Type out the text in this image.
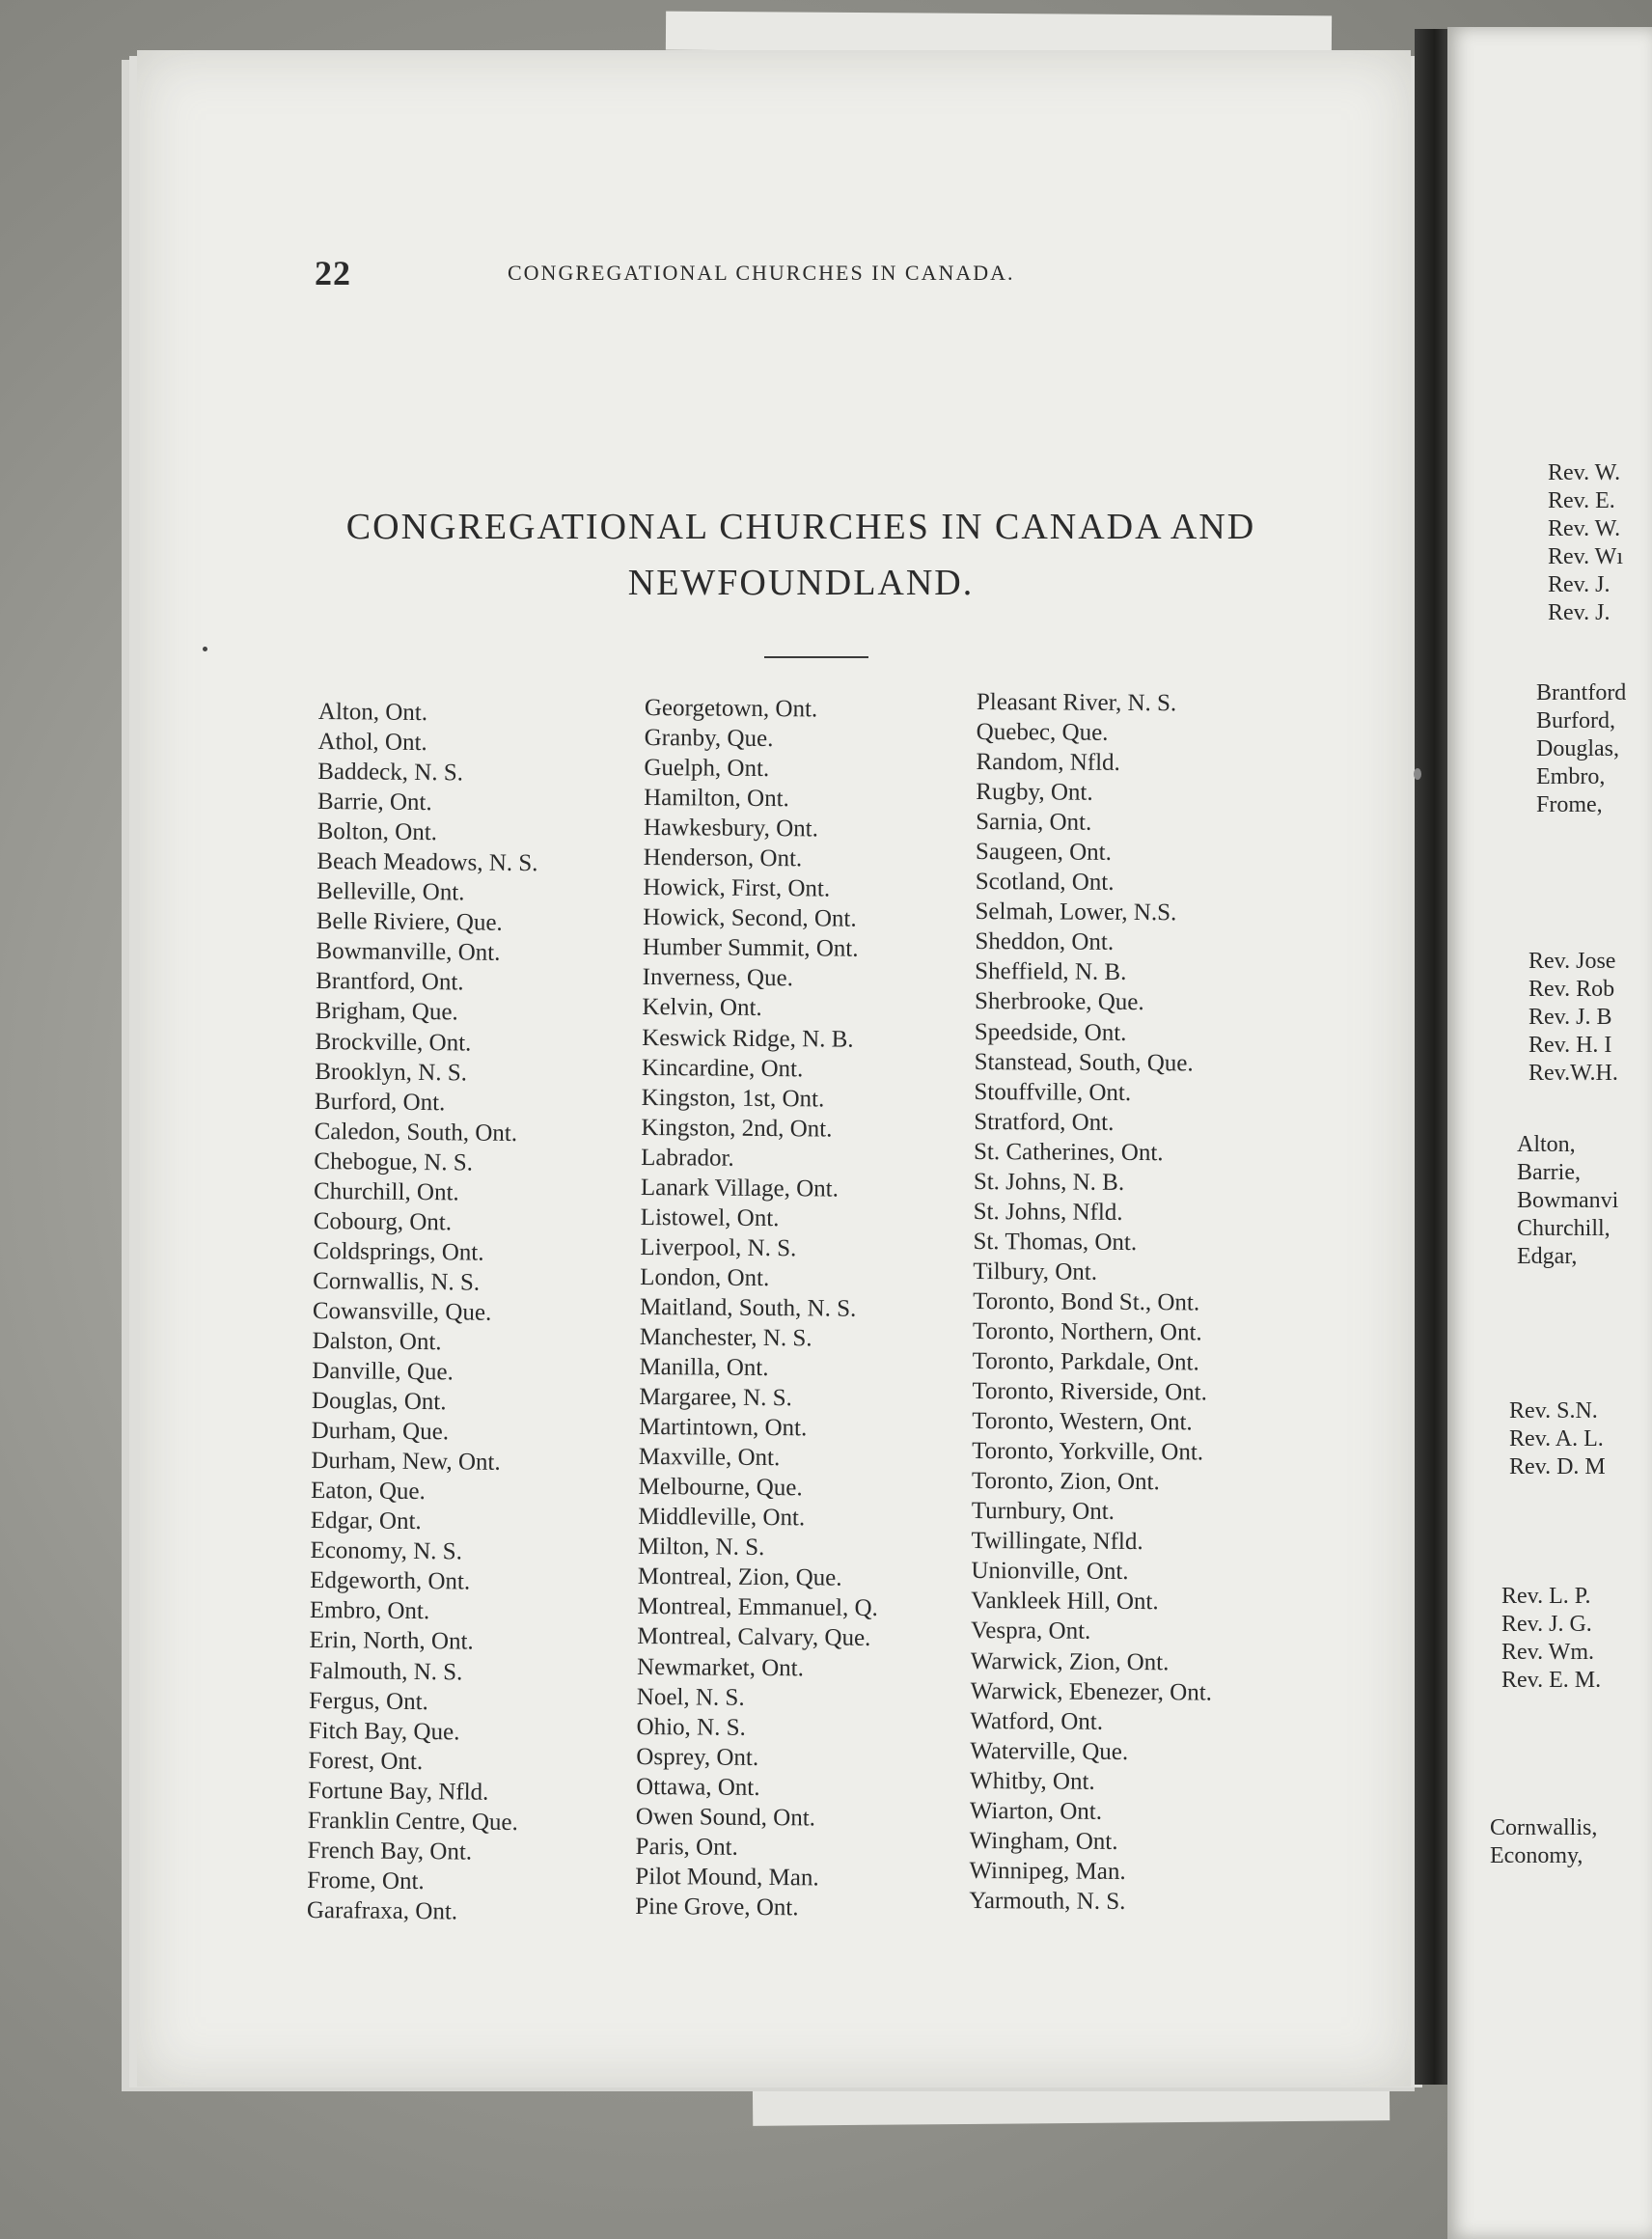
22	CONGREGATIONAL CHURCHES IN CANADA.
CONGREGATIONAL CHURCHES IN CANADA AND
NEWFOUNDLAND.
Alton, Ont.
Athol, Ont.
Baddeck, N. S.
Barrie, Ont.
Bolton, Ont.
Beach Meadows, N. S.
Belleville, Ont.
Belle Riviere, Que.
Bowmanville, Ont.
Brantford, Ont.
Brigham, Que.
Brockville, Ont.
Brooklyn, N. S.
Burford, Ont.
Caledon, South, Ont.
Chebogue, N. S.
Churchill, Ont.
Cobourg, Ont.
Coldsprings, Ont.
Cornwallis, N. S.
Cowansville, Que.
Dalston, Ont.
Danville, Que.
Douglas, Ont.
Durham, Que.
Durham, New, Ont.
Eaton, Que.
Edgar, Ont.
Economy, N. S.
Edgeworth, Ont.
Embro, Ont.
Erin, North, Ont.
Falmouth, N. S.
Fergus, Ont.
Fitch Bay, Que.
Forest, Ont.
Fortune Bay, Nfld.
Franklin Centre, Que.
French Bay, Ont.
Frome, Ont.
Garafraxa, Ont.
Georgetown, Ont.
Granby, Que.
Guelph, Ont.
Hamilton, Ont.
Hawkesbury, Ont.
Henderson, Ont.
Howick, First, Ont.
Howick, Second, Ont.
Humber Summit, Ont.
Inverness, Que.
Kelvin, Ont.
Keswick Ridge, N. B.
Kincardine, Ont.
Kingston, 1st, Ont.
Kingston, 2nd, Ont.
Labrador.
Lanark Village, Ont.
Listowel, Ont.
Liverpool, N. S.
London, Ont.
Maitland, South, N. S.
Manchester, N. S.
Manilla, Ont.
Margaree, N. S.
Martintown, Ont.
Maxville, Ont.
Melbourne, Que.
Middleville, Ont.
Milton, N. S.
Montreal, Zion, Que.
Montreal, Emmanuel, Q.
Montreal, Calvary, Que.
Newmarket, Ont.
Noel, N. S.
Ohio, N. S.
Osprey, Ont.
Ottawa, Ont.
Owen Sound, Ont.
Paris, Ont.
Pilot Mound, Man.
Pine Grove, Ont.
Pleasant River, N. S.
Quebec, Que.
Random, Nfld.
Rugby, Ont.
Sarnia, Ont.
Saugeen, Ont.
Scotland, Ont.
Selmah, Lower, N.S.
Sheddon, Ont.
Sheffield, N. B.
Sherbrooke, Que.
Speedside, Ont.
Stanstead, South, Que.
Stouffville, Ont.
Stratford, Ont.
St. Catherines, Ont.
St. Johns, N. B.
St. Johns, Nfld.
St. Thomas, Ont.
Tilbury, Ont.
Toronto, Bond St., Ont.
Toronto, Northern, Ont.
Toronto, Parkdale, Ont.
Toronto, Riverside, Ont.
Toronto, Western, Ont.
Toronto, Yorkville, Ont.
Toronto, Zion, Ont.
Turnbury, Ont.
Twillingate, Nfld.
Unionville, Ont.
Vankleek Hill, Ont.
Vespra, Ont.
Warwick, Zion, Ont.
Warwick, Ebenezer, Ont.
Watford, Ont.
Waterville, Que.
Whitby, Ont.
Wiarton, Ont.
Wingham, Ont.
Winnipeg, Man.
Yarmouth, N. S.
Rev. W.
Rev. E.
Rev. W.
Rev. Wı
Rev. J.
Rev. J.
Brantford
Burford,
Douglas,
Embro,
Frome,
Rev. Jose
Rev. Rob
Rev. J. B
Rev. H. I
Rev.W.H.
Alton,
Barrie,
Bowmanvi
Churchill,
Edgar,
Rev. S.N.
Rev. A. L.
Rev. D. M
Rev. L. P.
Rev. J. G.
Rev. Wm.
Rev. E. M.
Cornwallis,
Economy,
